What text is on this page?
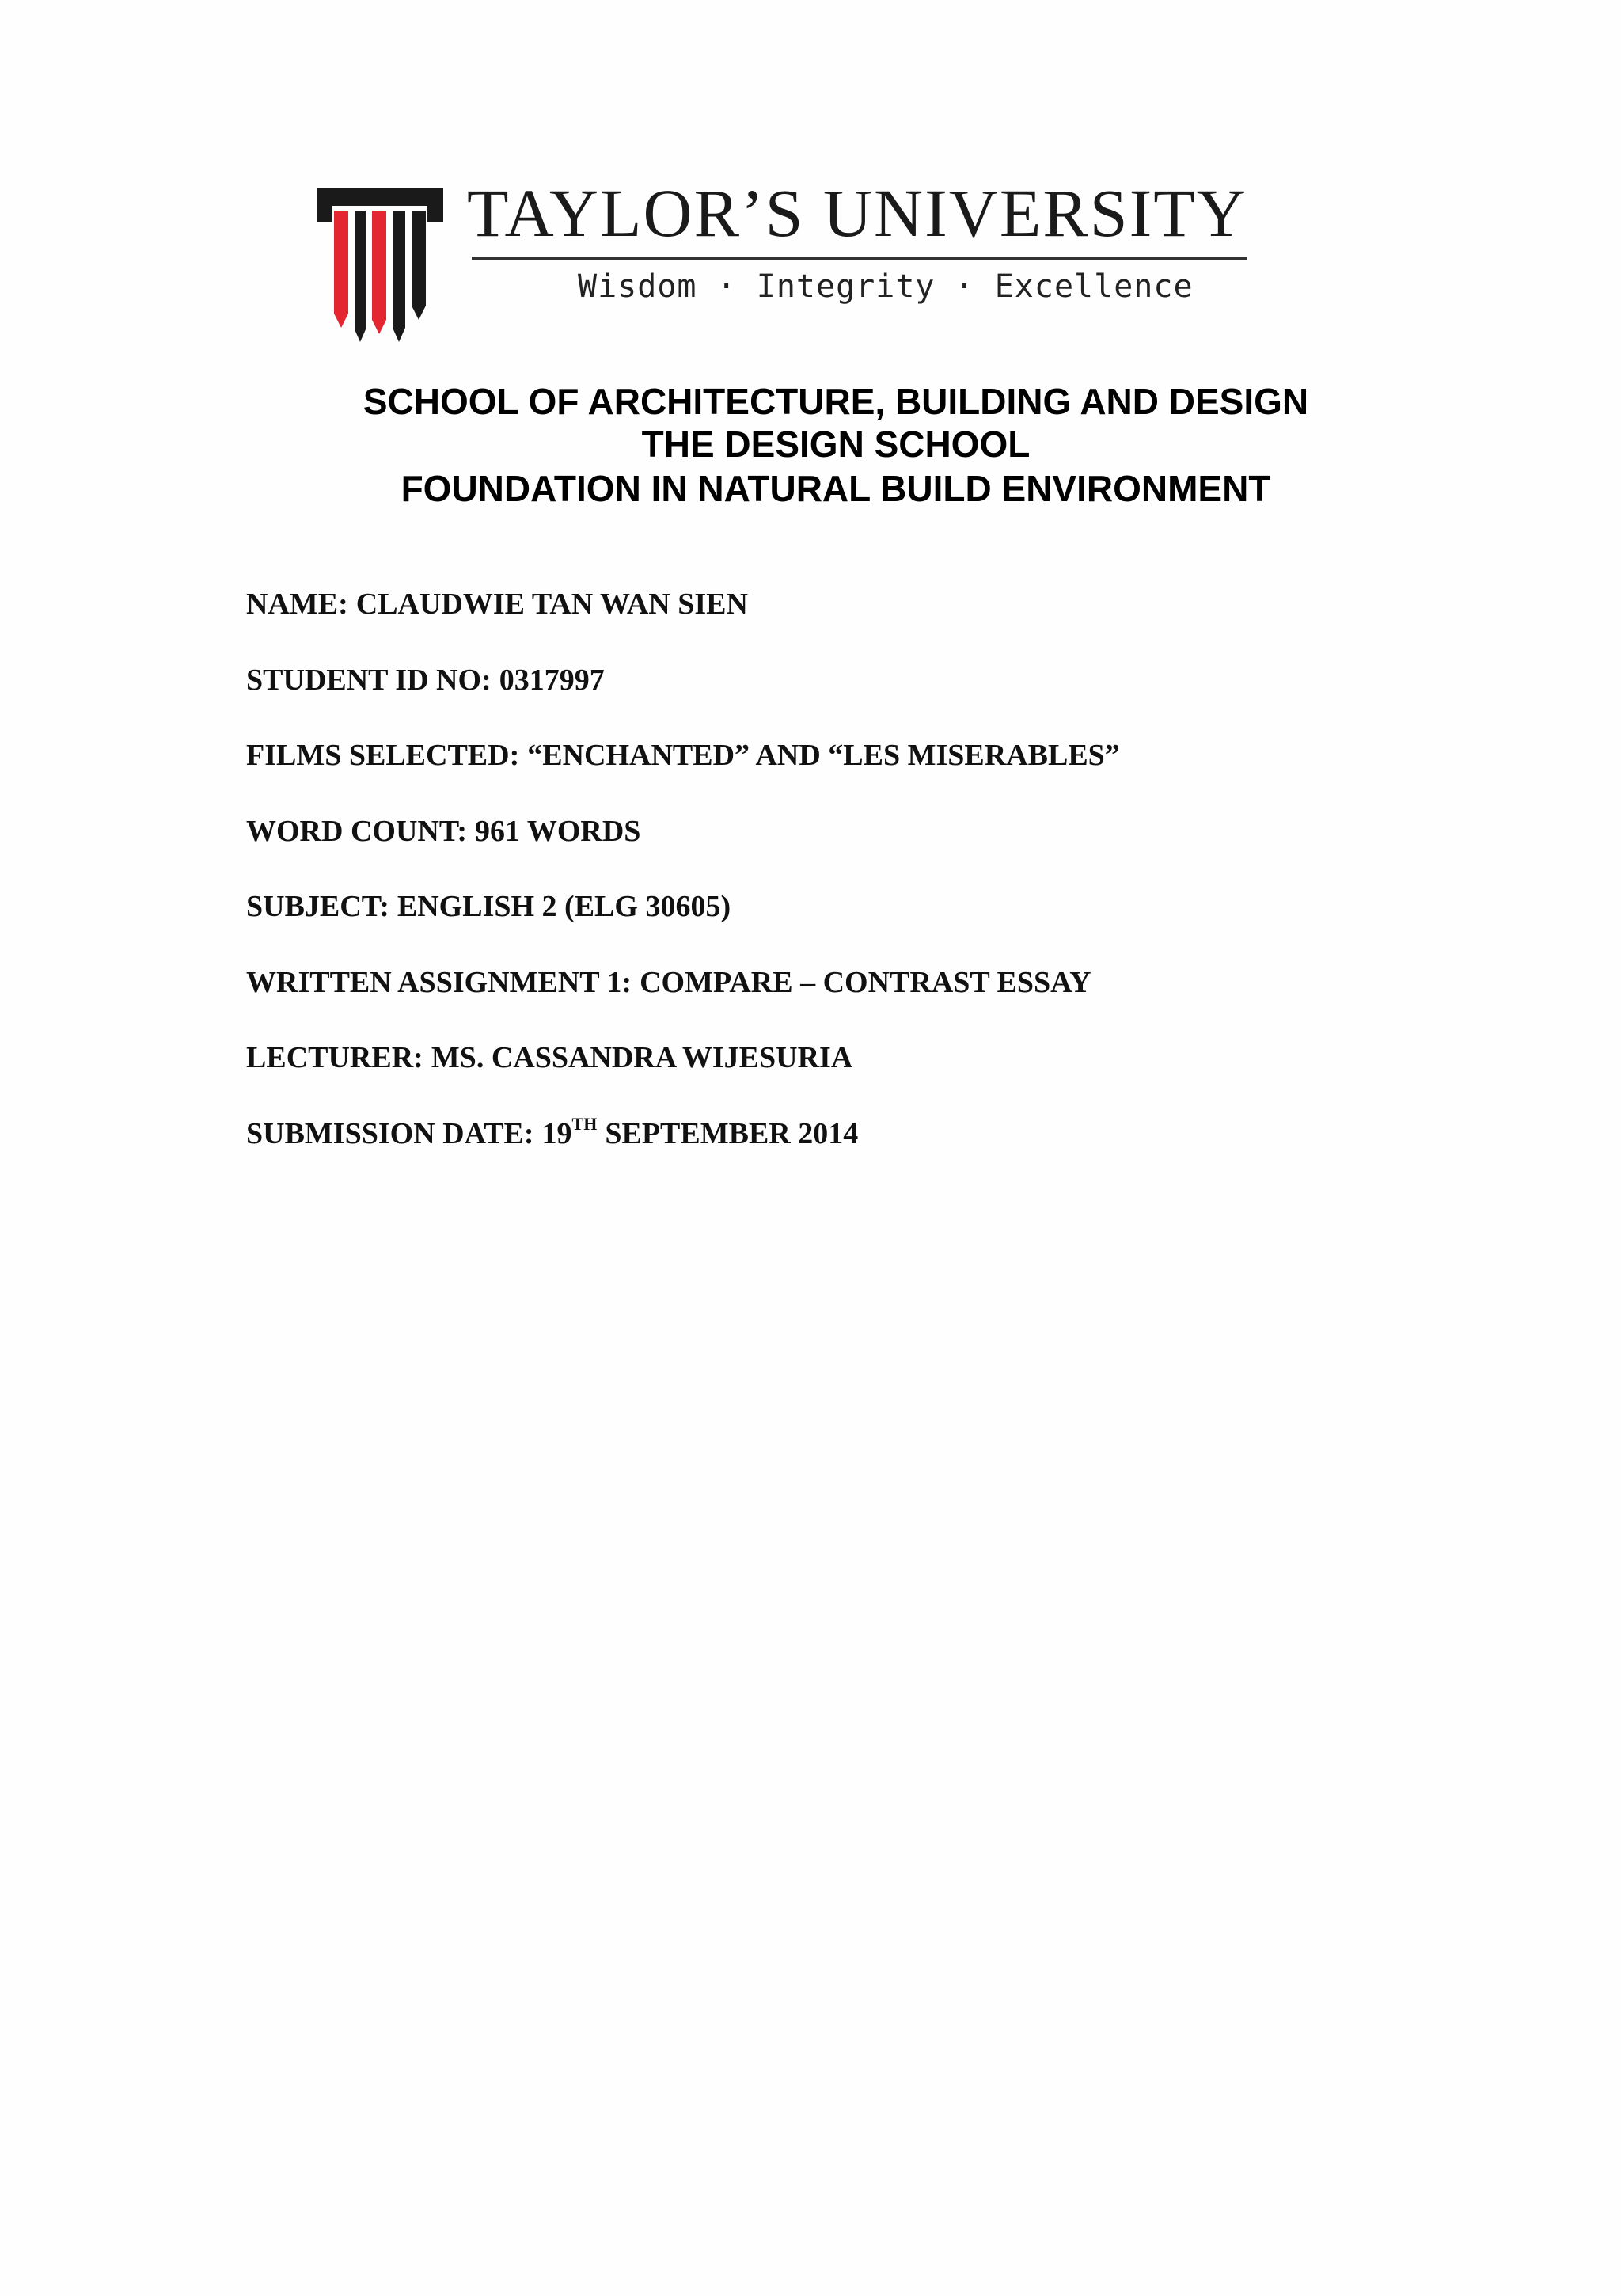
TAYLOR’S UNIVERSITY
Wisdom · Integrity · Excellence
SCHOOL OF ARCHITECTURE, BUILDING AND DESIGN
THE DESIGN SCHOOL
FOUNDATION IN NATURAL BUILD ENVIRONMENT
NAME: CLAUDWIE TAN WAN SIEN
STUDENT ID NO: 0317997
FILMS SELECTED: “ENCHANTED” AND “LES MISERABLES”
WORD COUNT: 961 WORDS
SUBJECT: ENGLISH 2 (ELG 30605)
WRITTEN ASSIGNMENT 1: COMPARE – CONTRAST ESSAY
LECTURER: MS. CASSANDRA WIJESURIA
SUBMISSION DATE: 19TH SEPTEMBER 2014
